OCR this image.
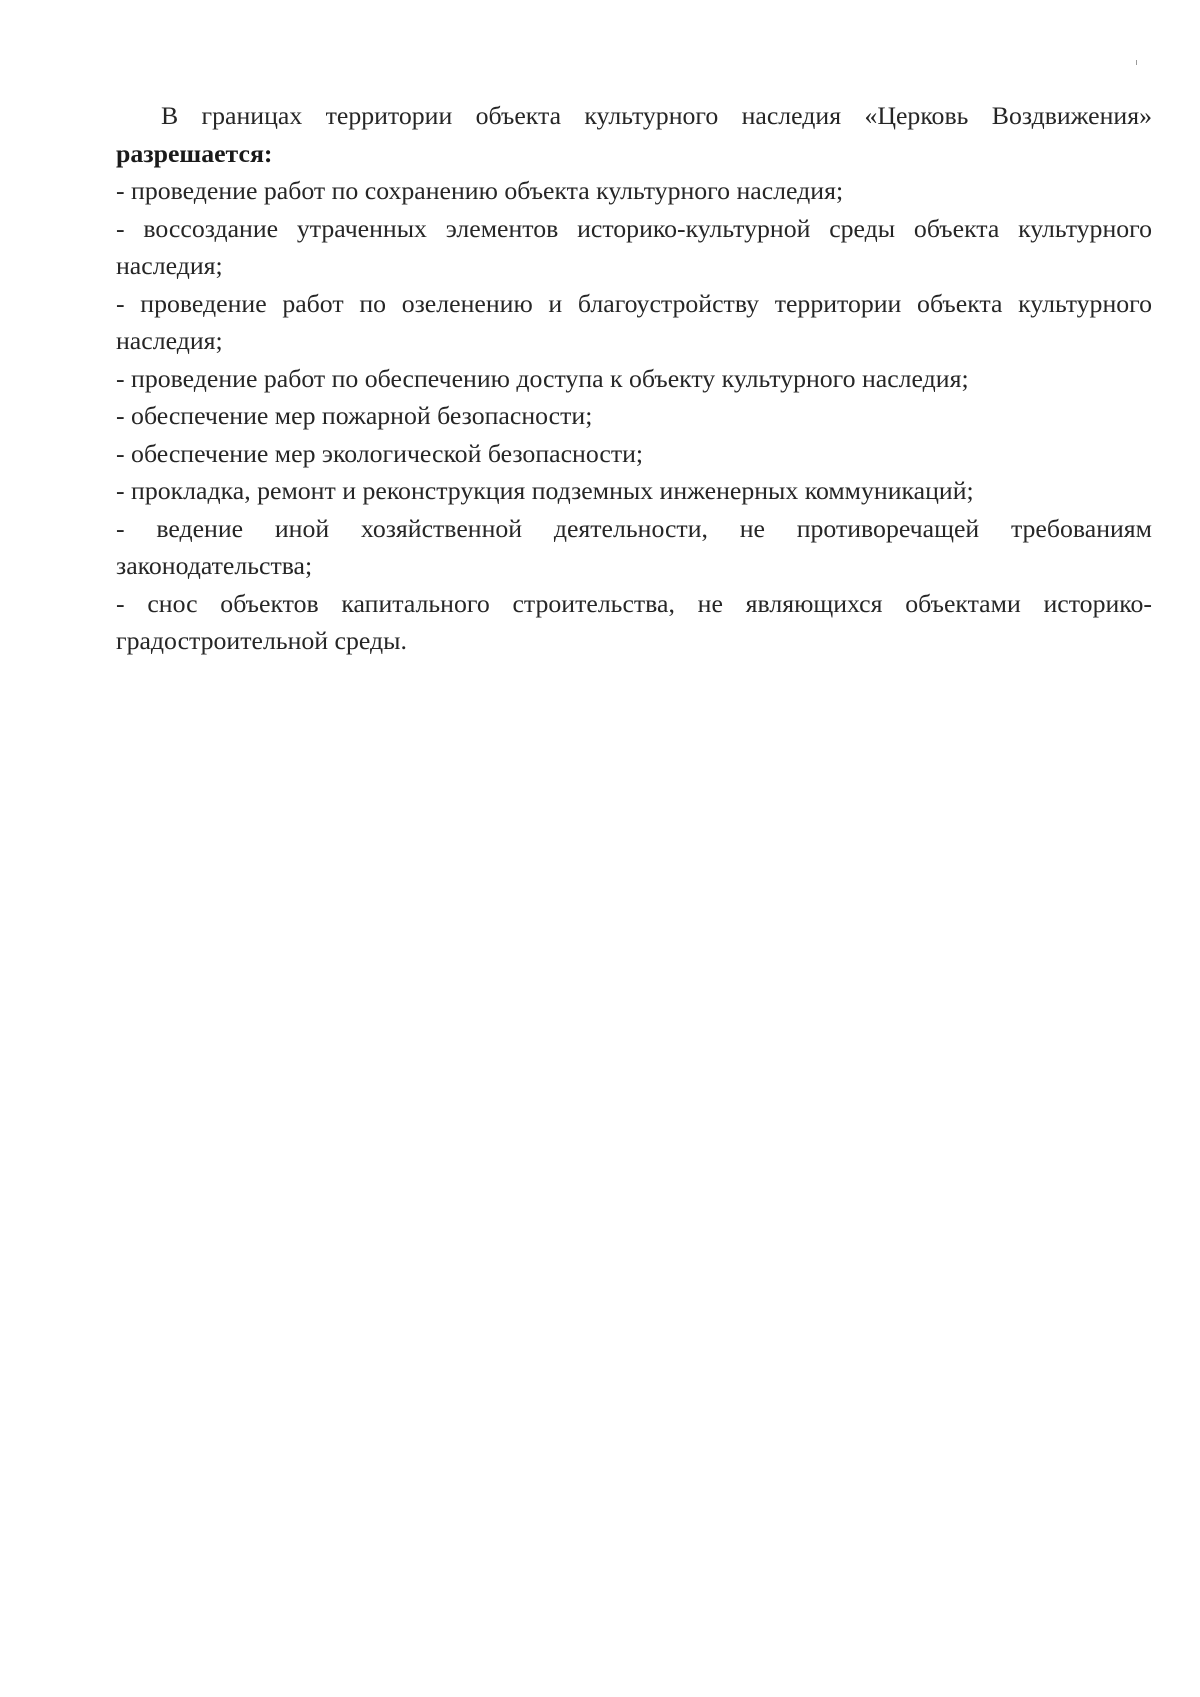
В границах территории объекта культурного наследия «Церковь Воздвижения»

разрешается:

- проведение работ по сохранению объекта культурного наследия;

- воссоздание утраченных элементов историко-культурной среды объекта культурного наследия;

- проведение работ по озеленению и благоустройству территории объекта культурного наследия;

- проведение работ по обеспечению доступа к объекту культурного наследия;

- обеспечение мер пожарной безопасности;

- обеспечение мер экологической безопасности;

- прокладка, ремонт и реконструкция подземных инженерных коммуникаций;

- ведение иной хозяйственной деятельности, не противоречащей требованиям законодательства;

- снос объектов капитального строительства, не являющихся объектами историко-градостроительной среды.
